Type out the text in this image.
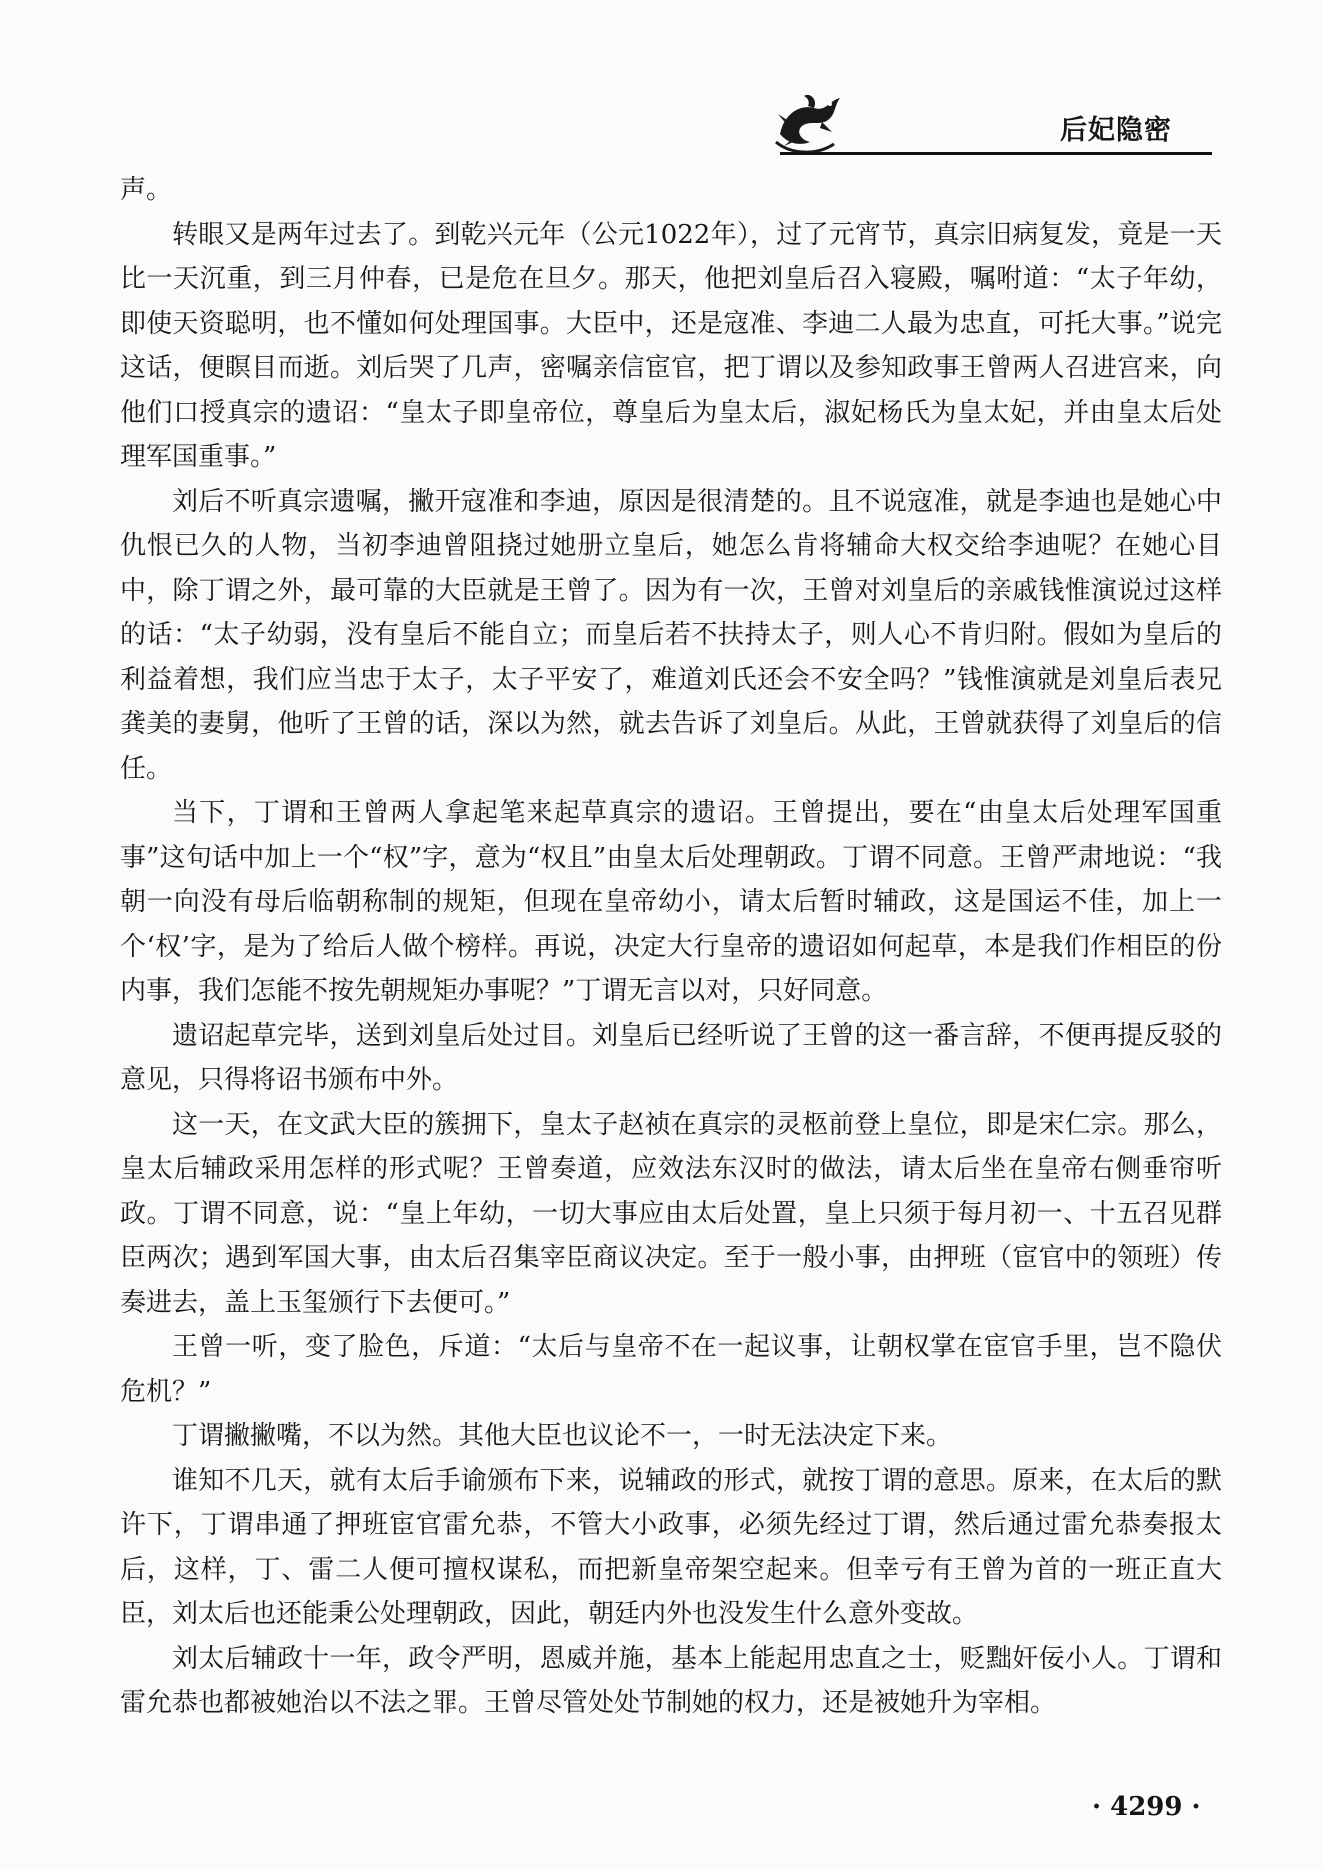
后妃隐密

声。

转眼又是两年过去了。到乾兴元年（公元1022年），过了元宵节，真宗旧病复发，竟是一天比一天沉重，到三月仲春，已是危在旦夕。那天，他把刘皇后召入寝殿，嘱咐道：“太子年幼，即使天资聪明，也不懂如何处理国事。大臣中，还是寇准、李迪二人最为忠直，可托大事。”说完这话，便瞑目而逝。刘后哭了几声，密嘱亲信宦官，把丁谓以及参知政事王曾两人召进宫来，向他们口授真宗的遗诏：“皇太子即皇帝位，尊皇后为皇太后，淑妃杨氏为皇太妃，并由皇太后处理军国重事。”

刘后不听真宗遗嘱，撇开寇准和李迪，原因是很清楚的。且不说寇准，就是李迪也是她心中仇恨已久的人物，当初李迪曾阻挠过她册立皇后，她怎么肯将辅命大权交给李迪呢？在她心目中，除丁谓之外，最可靠的大臣就是王曾了。因为有一次，王曾对刘皇后的亲戚钱惟演说过这样的话：“太子幼弱，没有皇后不能自立；而皇后若不扶持太子，则人心不肯归附。假如为皇后的利益着想，我们应当忠于太子，太子平安了，难道刘氏还会不安全吗？”钱惟演就是刘皇后表兄龚美的妻舅，他听了王曾的话，深以为然，就去告诉了刘皇后。从此，王曾就获得了刘皇后的信任。

当下，丁谓和王曾两人拿起笔来起草真宗的遗诏。王曾提出，要在“由皇太后处理军国重事”这句话中加上一个“权”字，意为“权且”由皇太后处理朝政。丁谓不同意。王曾严肃地说：“我朝一向没有母后临朝称制的规矩，但现在皇帝幼小，请太后暂时辅政，这是国运不佳，加上一个‘权’字，是为了给后人做个榜样。再说，决定大行皇帝的遗诏如何起草，本是我们作相臣的份内事，我们怎能不按先朝规矩办事呢？”丁谓无言以对，只好同意。

遗诏起草完毕，送到刘皇后处过目。刘皇后已经听说了王曾的这一番言辞，不便再提反驳的意见，只得将诏书颁布中外。

这一天，在文武大臣的簇拥下，皇太子赵祯在真宗的灵柩前登上皇位，即是宋仁宗。那么，皇太后辅政采用怎样的形式呢？王曾奏道，应效法东汉时的做法，请太后坐在皇帝右侧垂帘听政。丁谓不同意，说：“皇上年幼，一切大事应由太后处置，皇上只须于每月初一、十五召见群臣两次；遇到军国大事，由太后召集宰臣商议决定。至于一般小事，由押班（宦官中的领班）传奏进去，盖上玉玺颁行下去便可。”

王曾一听，变了脸色，斥道：“太后与皇帝不在一起议事，让朝权掌在宦官手里，岂不隐伏危机？”

丁谓撇撇嘴，不以为然。其他大臣也议论不一，一时无法决定下来。

谁知不几天，就有太后手谕颁布下来，说辅政的形式，就按丁谓的意思。原来，在太后的默许下，丁谓串通了押班宦官雷允恭，不管大小政事，必须先经过丁谓，然后通过雷允恭奏报太后，这样，丁、雷二人便可擅权谋私，而把新皇帝架空起来。但幸亏有王曾为首的一班正直大臣，刘太后也还能秉公处理朝政，因此，朝廷内外也没发生什么意外变故。

刘太后辅政十一年，政令严明，恩威并施，基本上能起用忠直之士，贬黜奸佞小人。丁谓和雷允恭也都被她治以不法之罪。王曾尽管处处节制她的权力，还是被她升为宰相。

· 4299 ·
